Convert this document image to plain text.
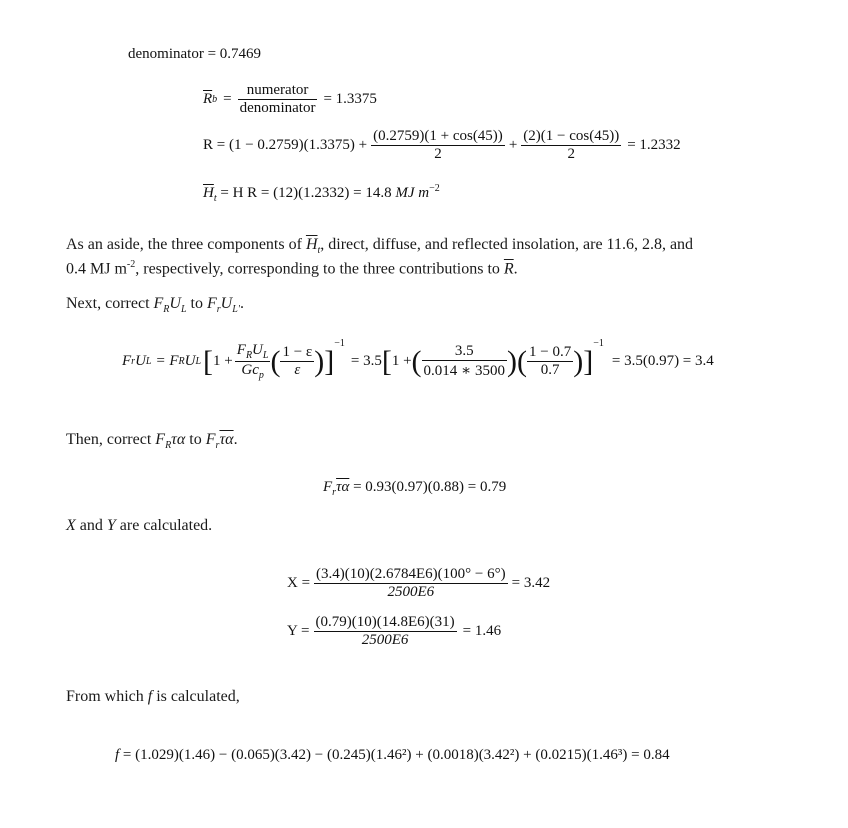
denominator = 0.7469
$\overline{R}$ $b = \frac{\text{numerator}}{\text{denominator}} = 1.3375$
$R = (1 - 0.2759)(1.3375) + \frac{(0.2759)(1 + \cos(45))}{2} + \frac{(2)(1 - \cos(45))}{2} = 1.2332$
$\overline{H}_t = H$ R = (12)(1.2332) = 14.8 MJ $m^{-2}$
As an aside, the three components of $\overline{H}_t$, direct, diffuse, and reflected insolation, are 11.6, 2.8, and
0.4 MJ $m^{-2}$, respectively, corresponding to the three contributions to $\overline{R}$.
Next, correct $F_RU_L$ to $F_rU_{L'}$.
F r U L = F R U L [ $1 + \frac{F_RU_L}{Gc_p}$ ( $\frac{1 - \varepsilon}{\varepsilon}$ ) ]
$^{-1}$
= 3.5 [ 1 + ( $\frac{3.5}{0.014 ∗ 3500}$ ) ( $\frac{1 - 0.7}{0.7}$ ) ]
$^{-1}$
= 3.5(0.97) = 3.4
Then, correct $F_R\tau\alpha$ to $F_r\overline{\tau\alpha}$.
$F_r\overline{\tau\alpha} = 0.93(0.97)(0.88) = 0.79$
X and Y are calculated.
$X = \frac{(3.4)(10)(2.6784E6)(100^\circ - 6^\circ)}{2500E6} = 3.42$
$Y = \frac{(0.79)(10)(14.8E6)(31)}{2500E6} = 1.46$
From which f is calculated,
f = (1.029)(1.46) − (0.065)(3.42) − (0.245)(1.46²) + (0.0018)(3.42²) + (0.0215)(1.46³) = 0.84
